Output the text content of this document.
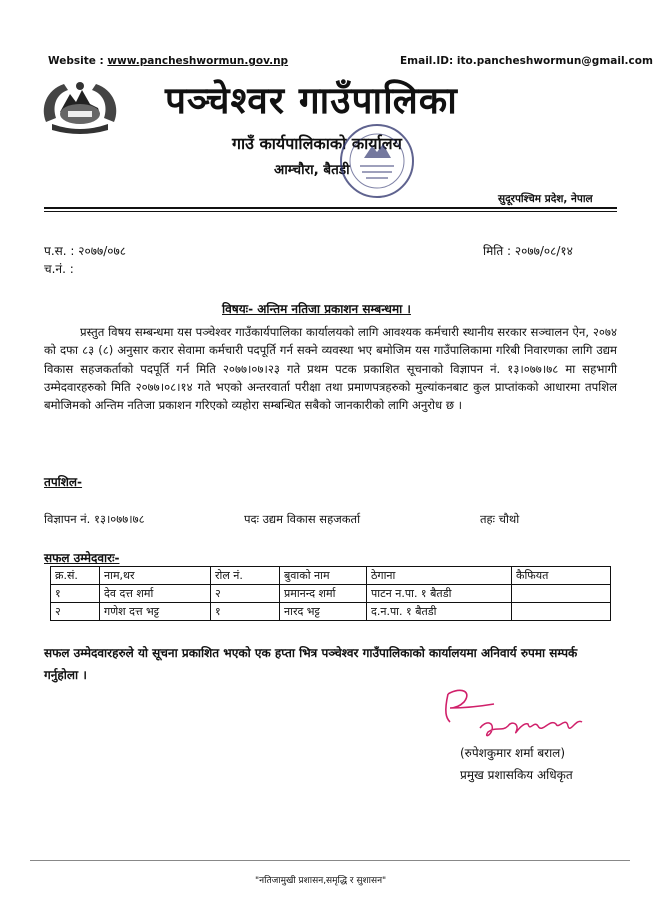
Website : www.pancheshwormun.gov.np	Email.ID: ito.pancheshwormun@gmail.com
पञ्चेश्वर गाउँपालिका
गाउँ कार्यपालिकाको कार्यालय
आम्चौरा, बैतडी
सुदूरपश्चिम प्रदेश, नेपाल
प.स. : २०७७/०७८
च.नं. :
मिति : २०७७/०८/१४
विषयः- अन्तिम नतिजा प्रकाशन सम्बन्धमा ।
प्रस्तुत विषय सम्बन्धमा यस पञ्चेश्वर गाउँकार्यपालिका कार्यालयको लागि आवश्यक कर्मचारी स्थानीय सरकार सञ्चालन ऐन, २०७४ को दफा ८३ (८) अनुसार करार सेवामा कर्मचारी पदपूर्ति गर्न सक्ने व्यवस्था भए बमोजिम यस गाउँपालिकामा गरिबी निवारणका लागि उद्यम विकास सहजकर्ताको पदपूर्ति गर्न मिति २०७७।०७।२३ गते प्रथम पटक प्रकाशित सूचनाको विज्ञापन नं. १३।०७७।७८ मा सहभागी उम्मेदवारहरुको मिति २०७७।०८।१४ गते भएको अन्तरवार्ता परीक्षा तथा प्रमाणपत्रहरुको मुल्यांकनबाट कुल प्राप्तांकको आधारमा तपशिल बमोजिमको अन्तिम नतिजा प्रकाशन गरिएको व्यहोरा सम्बन्धित सबैको जानकारीको लागि अनुरोध छ ।
तपशिल-
विज्ञापन नं. १३।०७७।७८	पदः उद्यम विकास सहजकर्ता	तहः चौथो
सफल उम्मेदवारः-
क्र.सं.	नाम,थर	रोल नं.	बुवाको नाम	ठेगाना	कैफियत
१	देव दत्त शर्मा	२	प्रमानन्द शर्मा	पाटन न.पा. १ बैतडी	
२	गणेश दत्त भट्ट	१	नारद भट्ट	द.न.पा. १ बैतडी	
सफल उम्मेदवारहरुले यो सूचना प्रकाशित भएको एक हप्ता भित्र पञ्चेश्वर गाउँपालिकाको कार्यालयमा अनिवार्य रुपमा सम्पर्क गर्नुहोला ।
(रुपेशकुमार शर्मा बराल)
प्रमुख प्रशासकिय अधिकृत
"नतिजामुखी प्रशासन,समृद्धि र सुशासन"
